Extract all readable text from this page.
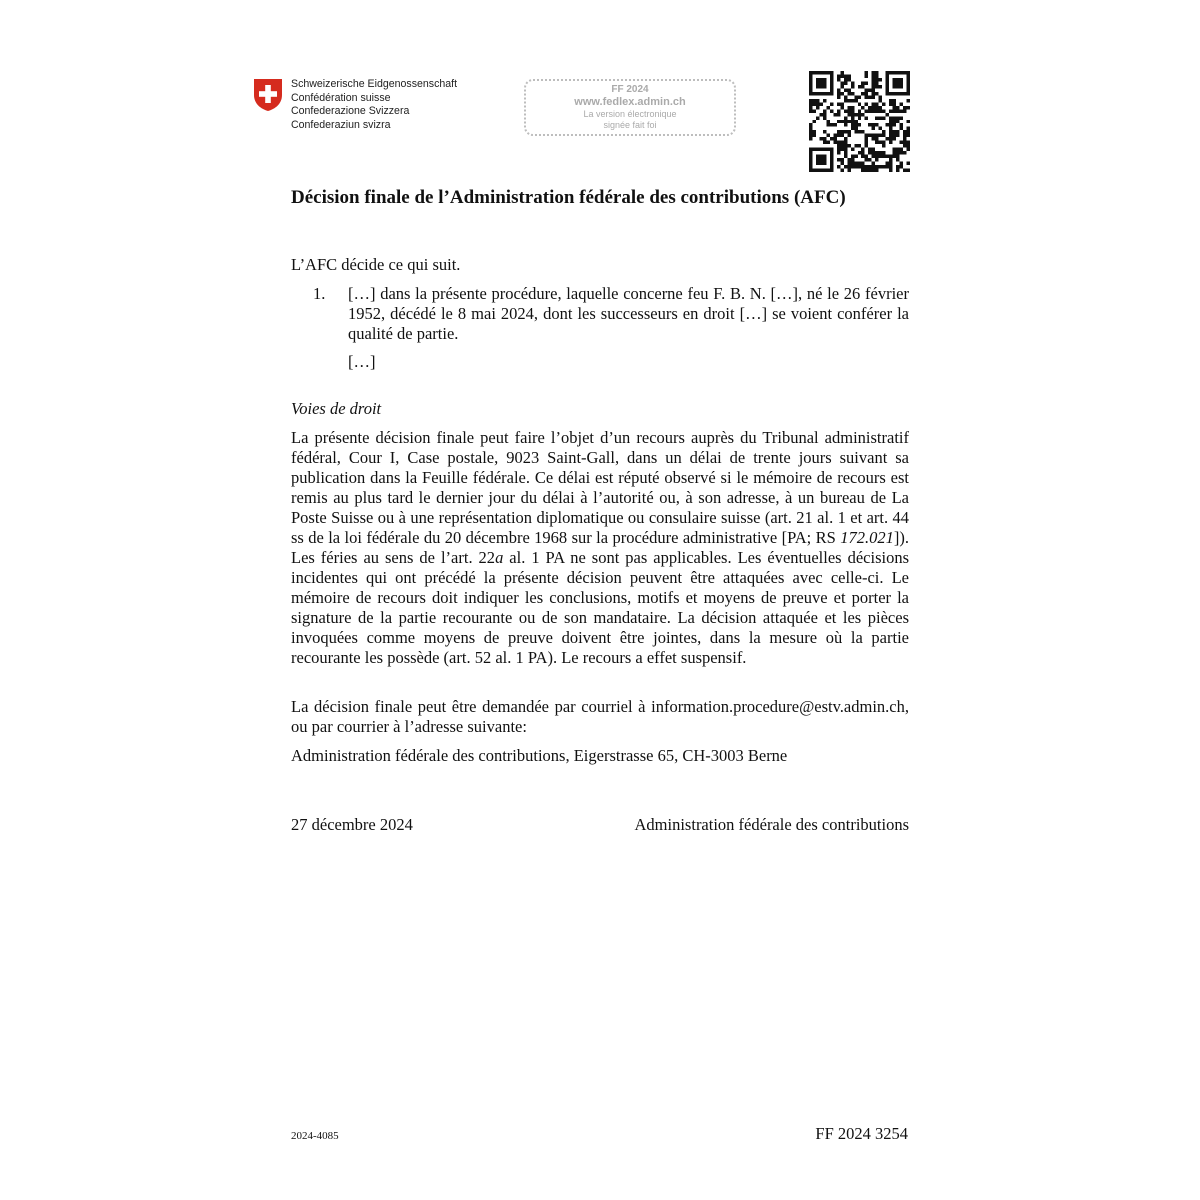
Schweizerische Eidgenossenschaft
Confédération suisse
Confederazione Svizzera
Confederaziun svizra
FF 2024
www.fedlex.admin.ch
La version électronique
signée fait foi
Décision finale de l’Administration fédérale des contributions (AFC)
L’AFC décide ce qui suit.
1. […] dans la présente procédure, laquelle concerne feu F. B. N. […], né le 26 février 1952, décédé le 8 mai 2024, dont les successeurs en droit […] se voient conférer la qualité de partie.
[…]
Voies de droit

La présente décision finale peut faire l’objet d’un recours auprès du Tribunal administratif fédéral, Cour I, Case postale, 9023 Saint-Gall, dans un délai de trente jours suivant sa publication dans la Feuille fédérale. Ce délai est réputé observé si le mémoire de recours est remis au plus tard le dernier jour du délai à l’autorité ou, à son adresse, à un bureau de La Poste Suisse ou à une représentation diplomatique ou consulaire suisse (art. 21 al. 1 et art. 44 ss de la loi fédérale du 20 décembre 1968 sur la procédure administrative [PA; RS 172.021]). Les féries au sens de l’art. 22a al. 1 PA ne sont pas applicables. Les éventuelles décisions incidentes qui ont précédé la présente décision peuvent être attaquées avec celle-ci. Le mémoire de recours doit indiquer les conclusions, motifs et moyens de preuve et porter la signature de la partie recourante ou de son mandataire. La décision attaquée et les pièces invoquées comme moyens de preuve doivent être jointes, dans la mesure où la partie recourante les possède (art. 52 al. 1 PA). Le recours a effet suspensif.

La décision finale peut être demandée par courriel à information.procedure@estv.admin.ch, ou par courrier à l’adresse suivante:

Administration fédérale des contributions, Eigerstrasse 65, CH-3003 Berne

27 décembre 2024	Administration fédérale des contributions
2024-4085	FF 2024 3254
